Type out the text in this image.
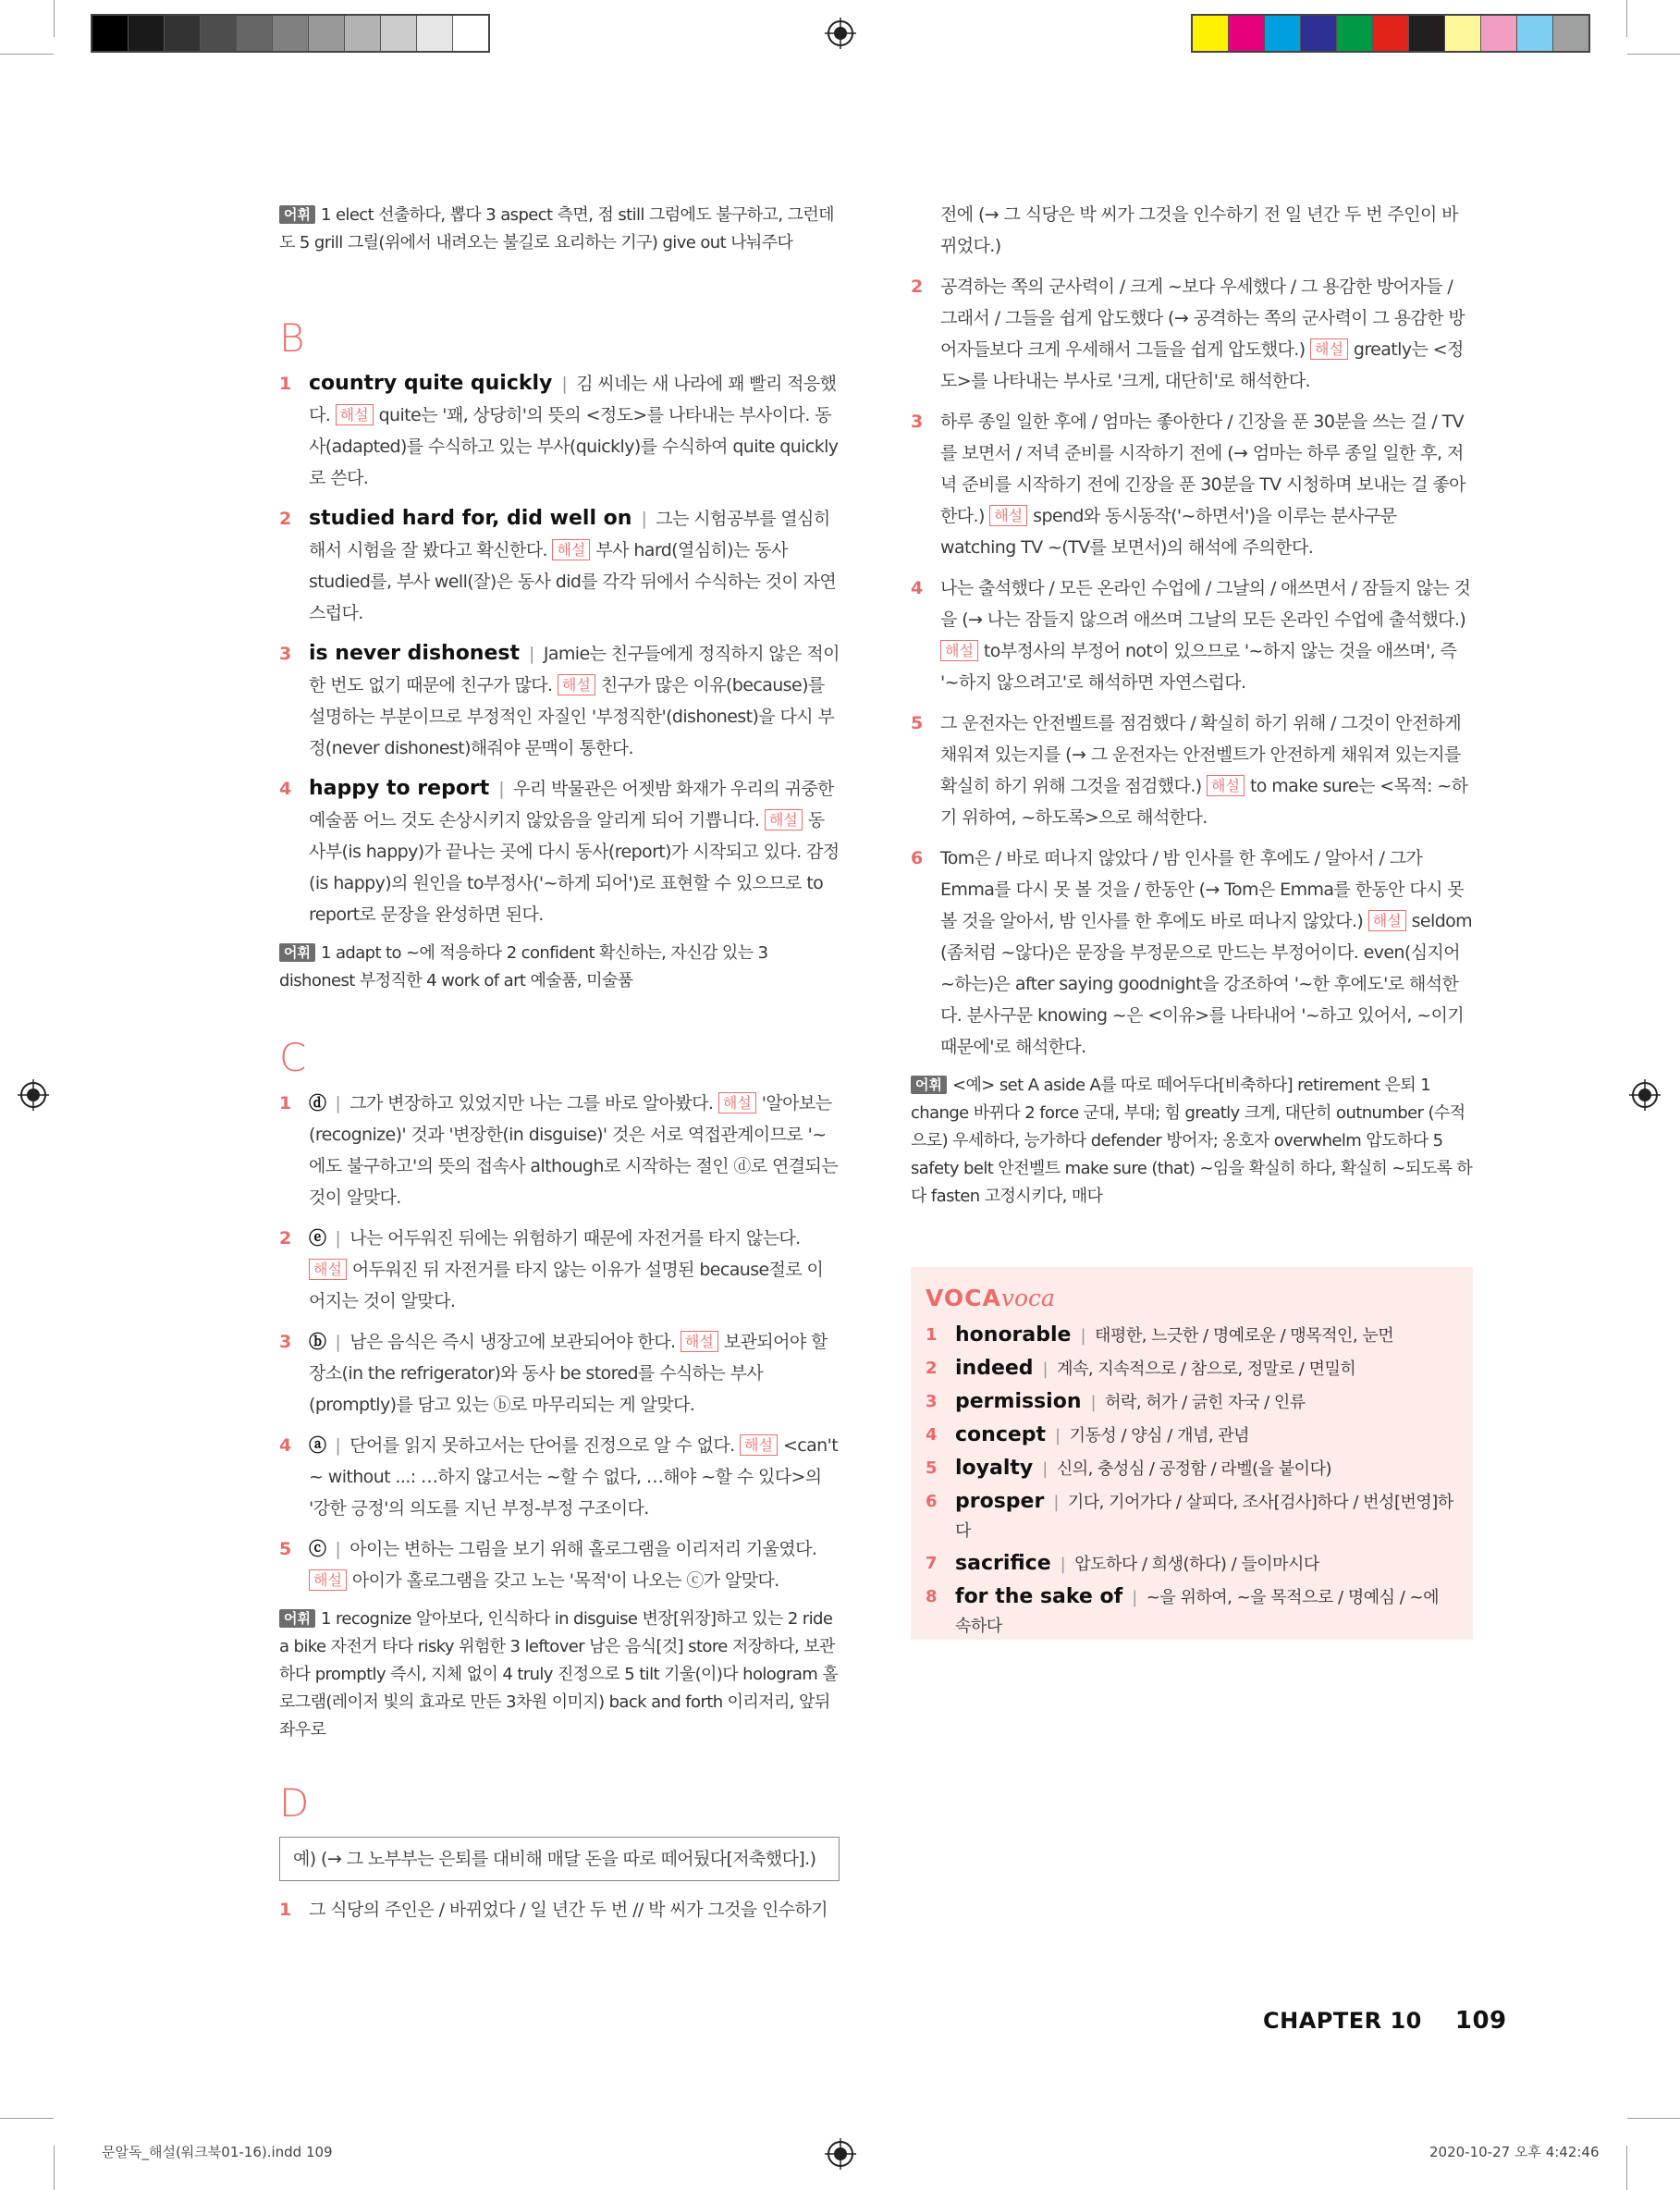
어휘 1 elect 선출하다, 뽑다 3 aspect 측면, 점 still 그럼에도 불구하고, 그런데도 5 grill 그릴(위에서 내려오는 불길로 요리하는 기구) give out 나눠주다
B
1 country quite quickly | 김 씨네는 새 나라에 꽤 빨리 적응했다. 해설 quite는 '꽤, 상당히'의 뜻의 <정도>를 나타내는 부사이다. 동사(adapted)를 수식하고 있는 부사(quickly)를 수식하여 quite quickly로 쓴다.
2 studied hard for, did well on | 그는 시험공부를 열심히 해서 시험을 잘 봤다고 확신한다. 해설 부사 hard(열심히)는 동사 studied를, 부사 well(잘)은 동사 did를 각각 뒤에서 수식하는 것이 자연스럽다.
3 is never dishonest | Jamie는 친구들에게 정직하지 않은 적이 한 번도 없기 때문에 친구가 많다. 해설 친구가 많은 이유(because)를 설명하는 부분이므로 부정적인 자질인 '부정직한'(dishonest)을 다시 부정(never dishonest)해줘야 문맥이 통한다.
4 happy to report | 우리 박물관은 어젯밤 화재가 우리의 귀중한 예술품 어느 것도 손상시키지 않았음을 알리게 되어 기쁩니다. 해설 동사부(is happy)가 끝나는 곳에 다시 동사(report)가 시작되고 있다. 감정(is happy)의 원인을 to부정사('~하게 되어')로 표현할 수 있으므로 to report로 문장을 완성하면 된다.
어휘 1 adapt to ~에 적응하다 2 confident 확신하는, 자신감 있는 3 dishonest 부정직한 4 work of art 예술품, 미술품
C
1 ⓓ | 그가 변장하고 있었지만 나는 그를 바로 알아봤다. 해설 '알아보는(recognize)' 것과 '변장한(in disguise)' 것은 서로 역접관계이므로 '~에도 불구하고'의 뜻의 접속사 although로 시작하는 절인 ⓓ로 연결되는 것이 알맞다.
2 ⓔ | 나는 어두워진 뒤에는 위험하기 때문에 자전거를 타지 않는다. 해설 어두워진 뒤 자전거를 타지 않는 이유가 설명된 because절로 이어지는 것이 알맞다.
3 ⓑ | 남은 음식은 즉시 냉장고에 보관되어야 한다. 해설 보관되어야 할 장소(in the refrigerator)와 동사 be stored를 수식하는 부사(promptly)를 담고 있는 ⓑ로 마무리되는 게 알맞다.
4 ⓐ | 단어를 읽지 못하고서는 단어를 진정으로 알 수 없다. 해설 <can't ~ without ...: …하지 않고서는 ~할 수 없다, …해야 ~할 수 있다>의 '강한 긍정'의 의도를 지닌 부정-부정 구조이다.
5 ⓒ | 아이는 변하는 그림을 보기 위해 홀로그램을 이리저리 기울였다. 해설 아이가 홀로그램을 갖고 노는 '목적'이 나오는 ⓒ가 알맞다.
어휘 1 recognize 알아보다, 인식하다 in disguise 변장[위장]하고 있는 2 ride a bike 자전거 타다 risky 위험한 3 leftover 남은 음식[것] store 저장하다, 보관하다 promptly 즉시, 지체 없이 4 truly 진정으로 5 tilt 기울(이)다 hologram 홀로그램(레이저 빛의 효과로 만든 3차원 이미지) back and forth 이리저리, 앞뒤 좌우로
D
예) (→ 그 노부부는 은퇴를 대비해 매달 돈을 따로 떼어뒀다[저축했다].)
1 그 식당의 주인은 / 바뀌었다 / 일 년간 두 번 // 박 씨가 그것을 인수하기
전에 (→ 그 식당은 박 씨가 그것을 인수하기 전 일 년간 두 번 주인이 바뀌었다.)
2 공격하는 쪽의 군사력이 / 크게 ~보다 우세했다 / 그 용감한 방어자들 / 그래서 / 그들을 쉽게 압도했다 (→ 공격하는 쪽의 군사력이 그 용감한 방어자들보다 크게 우세해서 그들을 쉽게 압도했다.) 해설 greatly는 <정도>를 나타내는 부사로 '크게, 대단히'로 해석한다.
3 하루 종일 일한 후에 / 엄마는 좋아한다 / 긴장을 푼 30분을 쓰는 걸 / TV를 보면서 / 저녁 준비를 시작하기 전에 (→ 엄마는 하루 종일 일한 후, 저녁 준비를 시작하기 전에 긴장을 푼 30분을 TV 시청하며 보내는 걸 좋아한다.) 해설 spend와 동시동작('~하면서')을 이루는 분사구문 watching TV ~(TV를 보면서)의 해석에 주의한다.
4 나는 출석했다 / 모든 온라인 수업에 / 그날의 / 애쓰면서 / 잠들지 않는 것을 (→ 나는 잠들지 않으려 애쓰며 그날의 모든 온라인 수업에 출석했다.) 해설 to부정사의 부정어 not이 있으므로 '~하지 않는 것을 애쓰며', 즉 '~하지 않으려고'로 해석하면 자연스럽다.
5 그 운전자는 안전벨트를 점검했다 / 확실히 하기 위해 / 그것이 안전하게 채워져 있는지를 (→ 그 운전자는 안전벨트가 안전하게 채워져 있는지를 확실히 하기 위해 그것을 점검했다.) 해설 to make sure는 <목적: ~하기 위하여, ~하도록>으로 해석한다.
6 Tom은 / 바로 떠나지 않았다 / 밤 인사를 한 후에도 / 알아서 / 그가 Emma를 다시 못 볼 것을 / 한동안 (→ Tom은 Emma를 한동안 다시 못 볼 것을 알아서, 밤 인사를 한 후에도 바로 떠나지 않았다.) 해설 seldom (좀처럼 ~않다)은 문장을 부정문으로 만드는 부정어이다. even(심지어 ~하는)은 after saying goodnight을 강조하여 '~한 후에도'로 해석한다. 분사구문 knowing ~은 <이유>를 나타내어 '~하고 있어서, ~이기 때문에'로 해석한다.
어휘 <예> set A aside A를 따로 떼어두다[비축하다] retirement 은퇴 1 change 바뀌다 2 force 군대, 부대; 힘 greatly 크게, 대단히 outnumber (수적으로) 우세하다, 능가하다 defender 방어자; 옹호자 overwhelm 압도하다 5 safety belt 안전벨트 make sure (that) ~임을 확실히 하다, 확실히 ~되도록 하다 fasten 고정시키다, 매다
VOCAvoca
1 honorable | 태평한, 느긋한 / 명예로운 / 맹목적인, 눈먼
2 indeed | 계속, 지속적으로 / 참으로, 정말로 / 면밀히
3 permission | 허락, 허가 / 긁힌 자국 / 인류
4 concept | 기동성 / 양심 / 개념, 관념
5 loyalty | 신의, 충성심 / 공정함 / 라벨(을 붙이다)
6 prosper | 기다, 기어가다 / 살피다, 조사[검사]하다 / 번성[번영]하다
7 sacrifice | 압도하다 / 희생(하다) / 들이마시다
8 for the sake of | ~을 위하여, ~을 목적으로 / 명예심 / ~에 속하다
CHAPTER 10 109
문알독_해설(워크북01-16).indd 109	2020-10-27 오후 4:42:46
